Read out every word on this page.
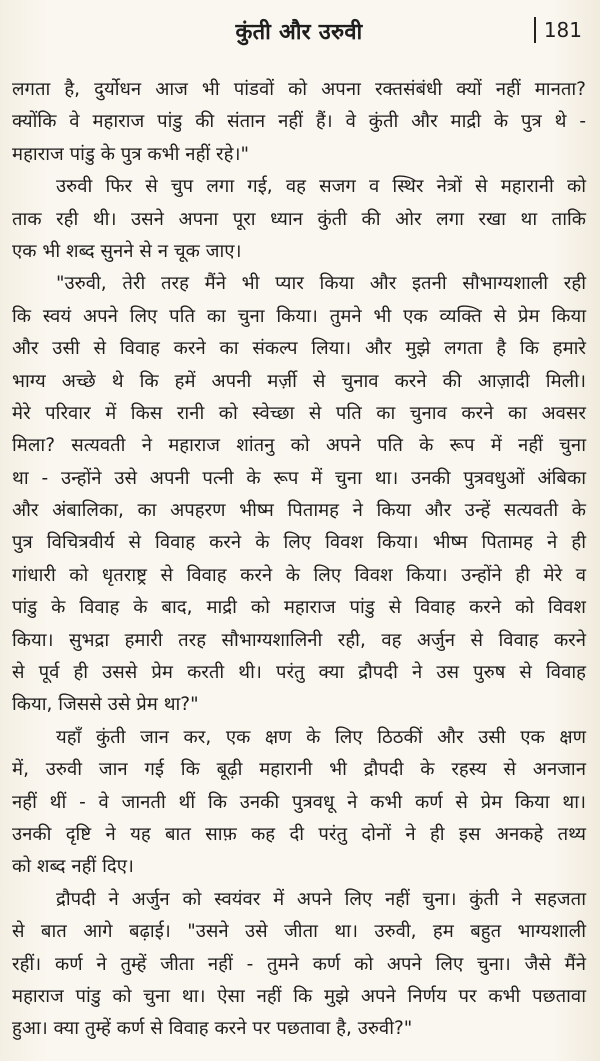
कुंती और उरुवी	181
लगता है, दुर्योधन आज भी पांडवों को अपना रक्तसंबंधी क्यों नहीं मानता?
क्योंकि वे महाराज पांडु की संतान नहीं हैं। वे कुंती और माद्री के पुत्र थे -
महाराज पांडु के पुत्र कभी नहीं रहे।"
उरुवी फिर से चुप लगा गई, वह सजग व स्थिर नेत्रों से महारानी को
ताक रही थी। उसने अपना पूरा ध्यान कुंती की ओर लगा रखा था ताकि
एक भी शब्द सुनने से न चूक जाए।
"उरुवी, तेरी तरह मैंने भी प्यार किया और इतनी सौभाग्यशाली रही
कि स्वयं अपने लिए पति का चुना किया। तुमने भी एक व्यक्ति से प्रेम किया
और उसी से विवाह करने का संकल्प लिया। और मुझे लगता है कि हमारे
भाग्य अच्छे थे कि हमें अपनी मर्ज़ी से चुनाव करने की आज़ादी मिली।
मेरे परिवार में किस रानी को स्वेच्छा से पति का चुनाव करने का अवसर
मिला? सत्यवती ने महाराज शांतनु को अपने पति के रूप में नहीं चुना
था - उन्होंने उसे अपनी पत्नी के रूप में चुना था। उनकी पुत्रवधुओं अंबिका
और अंबालिका, का अपहरण भीष्म पितामह ने किया और उन्हें सत्यवती के
पुत्र विचित्रवीर्य से विवाह करने के लिए विवश किया। भीष्म पितामह ने ही
गांधारी को धृतराष्ट्र से विवाह करने के लिए विवश किया। उन्होंने ही मेरे व
पांडु के विवाह के बाद, माद्री को महाराज पांडु से विवाह करने को विवश
किया। सुभद्रा हमारी तरह सौभाग्यशालिनी रही, वह अर्जुन से विवाह करने
से पूर्व ही उससे प्रेम करती थी। परंतु क्या द्रौपदी ने उस पुरुष से विवाह
किया, जिससे उसे प्रेम था?"
यहाँ कुंती जान कर, एक क्षण के लिए ठिठकीं और उसी एक क्षण
में, उरुवी जान गई कि बूढ़ी महारानी भी द्रौपदी के रहस्य से अनजान
नहीं थीं - वे जानती थीं कि उनकी पुत्रवधू ने कभी कर्ण से प्रेम किया था।
उनकी दृष्टि ने यह बात साफ़ कह दी परंतु दोनों ने ही इस अनकहे तथ्य
को शब्द नहीं दिए।
द्रौपदी ने अर्जुन को स्वयंवर में अपने लिए नहीं चुना। कुंती ने सहजता
से बात आगे बढ़ाई। "उसने उसे जीता था। उरुवी, हम बहुत भाग्यशाली
रहीं। कर्ण ने तुम्हें जीता नहीं - तुमने कर्ण को अपने लिए चुना। जैसे मैंने
महाराज पांडु को चुना था। ऐसा नहीं कि मुझे अपने निर्णय पर कभी पछतावा
हुआ। क्या तुम्हें कर्ण से विवाह करने पर पछतावा है, उरुवी?"
